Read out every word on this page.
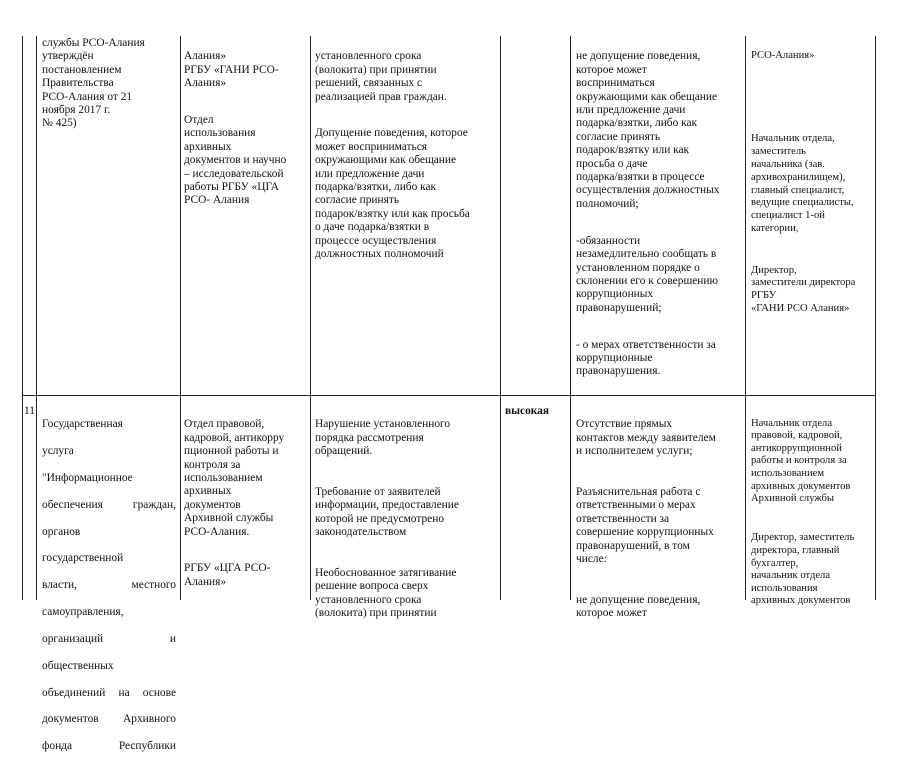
службы РСО-Алания
утверждён
постановлением
Правительства
РСО-Алания от 21
ноября 2017 г.
№ 425)

Алания»
РГБУ «ГАНИ РСО-
Алания»

Отдел
использования
архивных
документов и научно
– исследовательской
работы РГБУ «ЦГА
РСО- Алания

установленного срока
(волокита) при принятии
решений, связанных с
реализацией прав граждан.

Допущение поведения, которое
может восприниматься
окружающими как обещание
или предложение дачи
подарка/взятки, либо как
согласие принять
подарок/взятку или как просьба
о даче подарка/взятки в
процессе осуществления
должностных полномочий

не допущение поведения,
которое может
восприниматься
окружающими как обещание
или предложение дачи
подарка/взятки, либо как
согласие принять
подарок/взятку или как
просьба о даче
подарка/взятки в процессе
осуществления должностных
полномочий;

-обязанности
незамедлительно сообщать в
установленном порядке о
склонении его к совершению
коррупционных
правонарушений;

- о мерах ответственности за
коррупционные
правонарушения.

РСО-Алания»

Начальник отдела,
заместитель
начальника (зав.
архивохранилищем),
главный специалист,
ведущие специалисты,
специалист 1-ой
категории,

Директор,
заместители директора
РГБУ
«ГАНИ РСО Алания»

11

Государственная

услуга

"Информационное

обеспечения граждан,

органов

государственной

власти, местного

самоуправления,

организаций и

общественных

объединений на основе

документов Архивного

фонда Республики

Отдел правовой,
кадровой, антикорру
пционной работы и
контроля за
использованием
архивных
документов
Архивной службы
РСО-Алания.

РГБУ «ЦГА РСО-
Алания»

Нарушение установленного
порядка рассмотрения
обращений.

Требование от заявителей
информации, предоставление
которой не предусмотрено
законодательством

Необоснованное затягивание
решение вопроса сверх
установленного срока
(волокита) при принятии

высокая

Отсутствие прямых
контактов между заявителем
и исполнителем услуги;

Разъяснительная работа с
ответственными о мерах
ответственности за
совершение коррупционных
правонарушений, в том
числе:

не допущение поведения,
которое может

Начальник отдела
правовой, кадровой,
антикоррупционной
работы и контроля за
использованием
архивных документов
Архивной службы

Директор, заместитель
директора, главный
бухгалтер,
начальник отдела
использования
архивных документов
